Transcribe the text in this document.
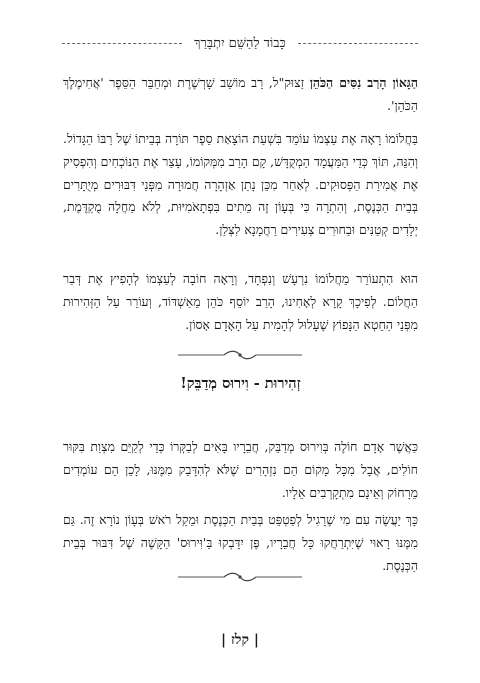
כָּבוֹד לַהַשֵּׁם יִתְבָּרַךְ

הַגָּאוֹן הָרַב נִסִּים הַכֹּהֵן זַצוּק"ל, רַב מוֹשַׁב שָׁרְשֶׁרֶת וּמְחַבֵּר הַסֵּפֶר 'אֲחִימֶלֶךְ הַכֹּהֵן'.

בַּחֲלוֹמוֹ רָאָה אֶת עַצְמוֹ עוֹמֵד בִּשְׁעַת הוֹצָאַת סֵפֶר תּוֹרָה בְּבֵיתוֹ שֶׁל רַבּוֹ הַגָּדוֹל. וְהִנֵּה, תּוֹךְ כְּדֵי הַמַּעֲמָד הַמְקֻדָּשׁ, קָם הָרַב מִמְּקוֹמוֹ, עָצַר אֶת הַנּוֹכְחִים וְהִפְסִיק אֶת אֲמִירַת הַפְּסוּקִים. לְאַחַר מִכֵּן נָתַן אַזְהָרָה חֲמוּרָה מִפְּנֵי דִּבּוּרִים מְיֻתָּרִים בְּבֵית הַכְּנֶסֶת, וְהִתְרָה כִּי בְּעָוֹן זֶה מֵתִים בִּפְתָאֹמִיּוּת, לְלֹא מַחֲלָה מֻקְדֶּמֶת, יְלָדִים קְטַנִּים וּבַחוּרִים צְעִירִים רַחֲמָנָא לִצְּלַן.

הוּא הִתְעוֹרֵר מֵחֲלוֹמוֹ נִרְעָשׁ וְנִפְחָד, וְרָאָה חוֹבָה לְעַצְמוֹ לְהָפִיץ אֶת דְּבַר הַחֲלוֹם. לְפִיכָךְ קָרָא לְאָחִינוּ, הָרַב יוֹסֵף כֹּהֵן מֵאַשְׁדּוֹד, וְעוֹרֵר עַל הַזְּהִירוּת מִפְּנֵי הַחֵטְא הַנָּפוֹץ שֶׁעָלוּל לְהָמִית עַל הָאָדָם אָסוֹן.

זְהִירוּת - וִירוּס מְדַבֵּק!

כַּאֲשֶׁר אָדָם חוֹלֶה בְּוִירוּס מְדַבֵּק, חֲבֵרָיו בָּאִים לְבַקְּרוֹ כְּדֵי לְקַיֵּם מִצְוַת בִּקּוּר חוֹלִים, אֲבָל מִכָּל מָקוֹם הֵם נִזְהָרִים שֶׁלֹּא לְהִדָּבֵק מִמֶּנּוּ, לָכֵן הֵם עוֹמְדִים מֵרָחוֹק וְאֵינָם מִתְקָרְבִים אֵלָיו.

כָּךְ יַעֲשֶׂה עִם מִי שֶׁרָגִיל לְפַטְפֵּט בְּבֵית הַכְּנֶסֶת וּמֵקַל רֹאשׁ בְּעָוֹן נוֹרָא זֶה. גַּם מִמֶּנּוּ רָאוּי שֶׁיִּתְרַחֲקוּ כָּל חֲבֵרָיו, פֶּן יִדָּבְקוּ בַּ'וִּירוּס' הַקָּשֶׁה שֶׁל דִּבּוּר בְּבֵית הַכְּנֶסֶת.

| קלז |
